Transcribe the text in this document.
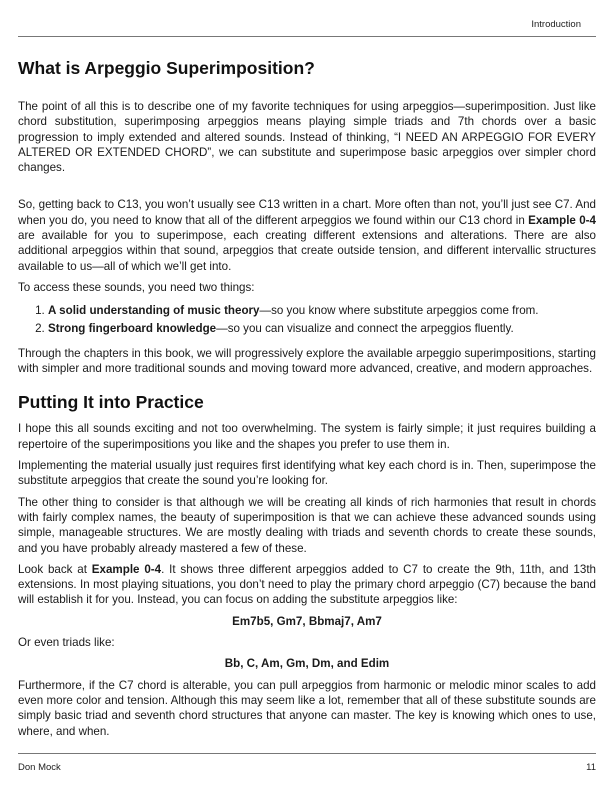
Introduction
What is Arpeggio Superimposition?

The point of all this is to describe one of my favorite techniques for using arpeggios—superimposition. Just like chord substitution, superimposing arpeggios means playing simple triads and 7th chords over a basic progression to imply extended and altered sounds. Instead of thinking, “I NEED AN ARPEGGIO FOR EVERY ALTERED OR EXTENDED CHORD”, we can substitute and superimpose basic arpeggios over simpler chord changes.

So, getting back to C13, you won’t usually see C13 written in a chart. More often than not, you’ll just see C7. And when you do, you need to know that all of the different arpeggios we found within our C13 chord in Example 0-4 are available for you to superimpose, each creating different extensions and alterations. There are also additional arpeggios within that sound, arpeggios that create outside tension, and different intervallic structures available to us—all of which we’ll get into.

To access these sounds, you need two things:

1. A solid understanding of music theory—so you know where substitute arpeggios come from.
2. Strong fingerboard knowledge—so you can visualize and connect the arpeggios fluently.

Through the chapters in this book, we will progressively explore the available arpeggio superimpositions, starting with simpler and more traditional sounds and moving toward more advanced, creative, and modern approaches.

Putting It into Practice

I hope this all sounds exciting and not too overwhelming. The system is fairly simple; it just requires building a repertoire of the superimpositions you like and the shapes you prefer to use them in.

Implementing the material usually just requires first identifying what key each chord is in. Then, superimpose the substitute arpeggios that create the sound you’re looking for.

The other thing to consider is that although we will be creating all kinds of rich harmonies that result in chords with fairly complex names, the beauty of superimposition is that we can achieve these advanced sounds using simple, manageable structures. We are mostly dealing with triads and seventh chords to create these sounds, and you have probably already mastered a few of these.

Look back at Example 0-4. It shows three different arpeggios added to C7 to create the 9th, 11th, and 13th extensions. In most playing situations, you don’t need to play the primary chord arpeggio (C7) because the band will establish it for you. Instead, you can focus on adding the substitute arpeggios like:

Em7b5, Gm7, Bbmaj7, Am7

Or even triads like:

Bb, C, Am, Gm, Dm, and Edim

Furthermore, if the C7 chord is alterable, you can pull arpeggios from harmonic or melodic minor scales to add even more color and tension. Although this may seem like a lot, remember that all of these substitute sounds are simply basic triad and seventh chord structures that anyone can master. The key is knowing which ones to use, where, and when.

Don Mock	11
